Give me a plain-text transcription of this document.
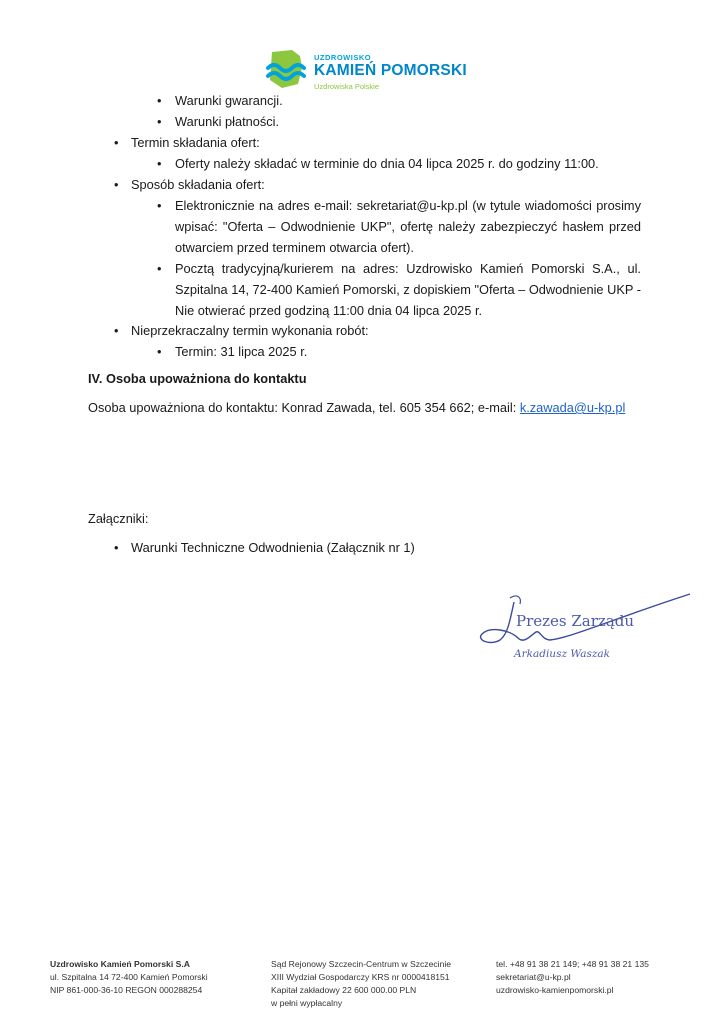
UZDROWISKO
KAMIEŃ POMORSKI
Uzdrowiska Polskie
• Warunki gwarancji.
• Warunki płatności.
• Termin składania ofert:
• Oferty należy składać w terminie do dnia 04 lipca 2025 r. do godziny 11:00.
• Sposób składania ofert:
• Elektronicznie na adres e-mail: sekretariat@u-kp.pl (w tytule wiadomości prosimy wpisać: "Oferta – Odwodnienie UKP", ofertę należy zabezpieczyć hasłem przed otwarciem przed terminem otwarcia ofert).
• Pocztą tradycyjną/kurierem na adres: Uzdrowisko Kamień Pomorski S.A., ul. Szpitalna 14, 72-400 Kamień Pomorski, z dopiskiem "Oferta – Odwodnienie UKP - Nie otwierać przed godziną 11:00 dnia 04 lipca 2025 r.
• Nieprzekraczalny termin wykonania robót:
• Termin: 31 lipca 2025 r.
IV. Osoba upoważniona do kontaktu
Osoba upoważniona do kontaktu: Konrad Zawada, tel. 605 354 662; e-mail: k.zawada@u-kp.pl
Załączniki:
• Warunki Techniczne Odwodnienia (Załącznik nr 1)
Prezes Zarządu
Arkadiusz Waszak
Uzdrowisko Kamień Pomorski S.A
ul. Szpitalna 14 72-400 Kamień Pomorski
NIP 861-000-36-10 REGON 000288254
Sąd Rejonowy Szczecin-Centrum w Szczecinie
XIII Wydział Gospodarczy KRS nr 0000418151
Kapitał zakładowy 22 600 000.00 PLN
w pełni wypłacalny
tel. +48 91 38 21 149; +48 91 38 21 135
sekretariat@u-kp.pl
uzdrowisko-kamienpomorski.pl
